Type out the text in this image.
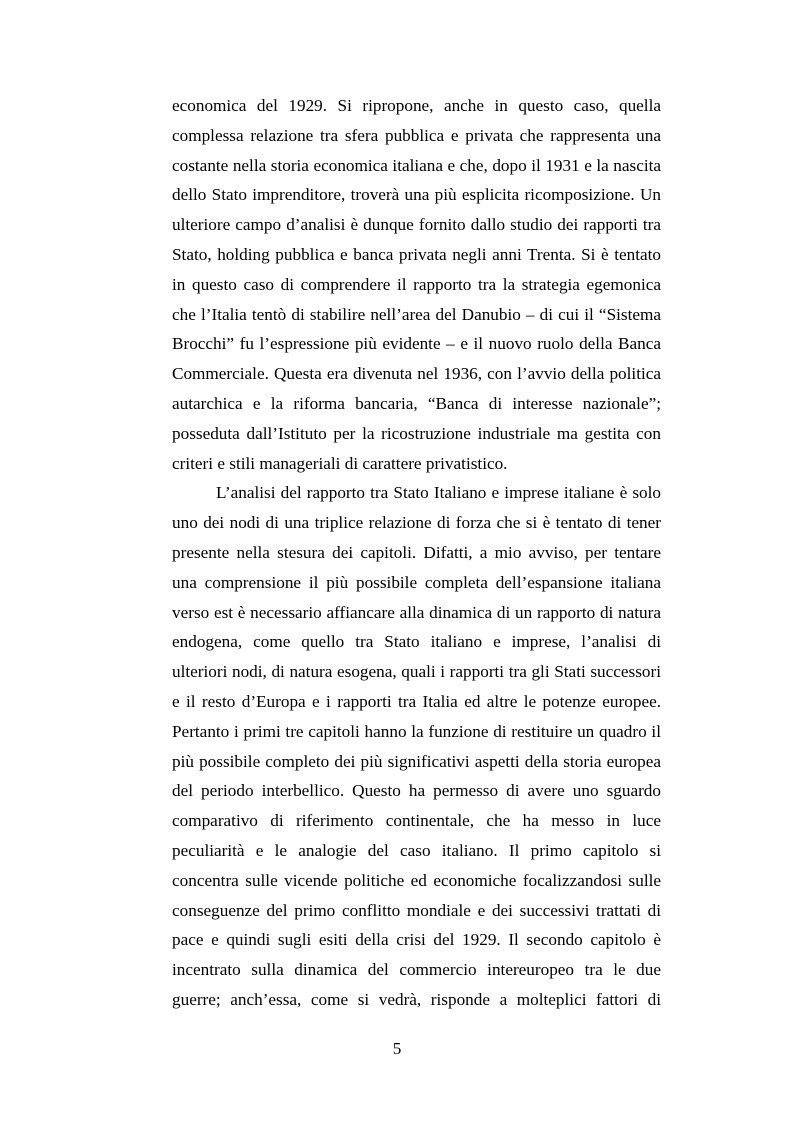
economica del 1929. Si ripropone, anche in questo caso, quella
complessa relazione tra sfera pubblica e privata che rappresenta una
costante nella storia economica italiana e che, dopo il 1931 e la nascita
dello Stato imprenditore, troverà una più esplicita ricomposizione. Un
ulteriore campo d’analisi è dunque fornito dallo studio dei rapporti tra
Stato, holding pubblica e banca privata negli anni Trenta. Si è tentato
in questo caso di comprendere il rapporto tra la strategia egemonica
che l’Italia tentò di stabilire nell’area del Danubio – di cui il “Sistema
Brocchi” fu l’espressione più evidente – e il nuovo ruolo della Banca
Commerciale. Questa era divenuta nel 1936, con l’avvio della politica
autarchica e la riforma bancaria, “Banca di interesse nazionale”;
posseduta dall’Istituto per la ricostruzione industriale ma gestita con
criteri e stili manageriali di carattere privatistico.
L’analisi del rapporto tra Stato Italiano e imprese italiane è solo
uno dei nodi di una triplice relazione di forza che si è tentato di tener
presente nella stesura dei capitoli. Difatti, a mio avviso, per tentare
una comprensione il più possibile completa dell’espansione italiana
verso est è necessario affiancare alla dinamica di un rapporto di natura
endogena, come quello tra Stato italiano e imprese, l’analisi di
ulteriori nodi, di natura esogena, quali i rapporti tra gli Stati successori
e il resto d’Europa e i rapporti tra Italia ed altre le potenze europee.
Pertanto i primi tre capitoli hanno la funzione di restituire un quadro il
più possibile completo dei più significativi aspetti della storia europea
del periodo interbellico. Questo ha permesso di avere uno sguardo
comparativo di riferimento continentale, che ha messo in luce
peculiarità e le analogie del caso italiano. Il primo capitolo si
concentra sulle vicende politiche ed economiche focalizzandosi sulle
conseguenze del primo conflitto mondiale e dei successivi trattati di
pace e quindi sugli esiti della crisi del 1929. Il secondo capitolo è
incentrato sulla dinamica del commercio intereuropeo tra le due
guerre; anch’essa, come si vedrà, risponde a molteplici fattori di
5
